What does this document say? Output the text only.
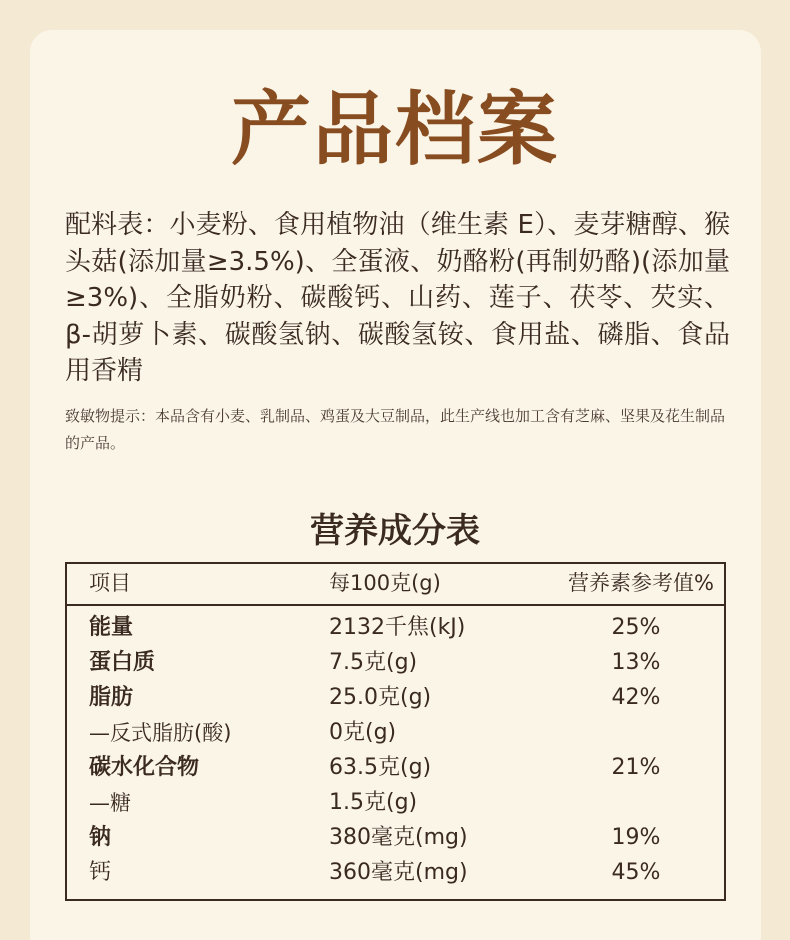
产品档案
配料表：小麦粉、食用植物油（维生素 E）、麦芽糖醇、猴头菇(添加量≥3.5%)、全蛋液、奶酪粉(再制奶酪)(添加量≥3%)、全脂奶粉、碳酸钙、山药、莲子、茯苓、芡实、β-胡萝卜素、碳酸氢钠、碳酸氢铵、食用盐、磷脂、食品用香精
致敏物提示：本品含有小麦、乳制品、鸡蛋及大豆制品，此生产线也加工含有芝麻、坚果及花生制品的产品。
营养成分表
项目	每100克(g)	营养素参考值%
能量	2132千焦(kJ)	25%
蛋白质	7.5克(g)	13%
脂肪	25.0克(g)	42%
—反式脂肪(酸)	0克(g)
碳水化合物	63.5克(g)	21%
—糖	1.5克(g)
钠	380毫克(mg)	19%
钙	360毫克(mg)	45%
